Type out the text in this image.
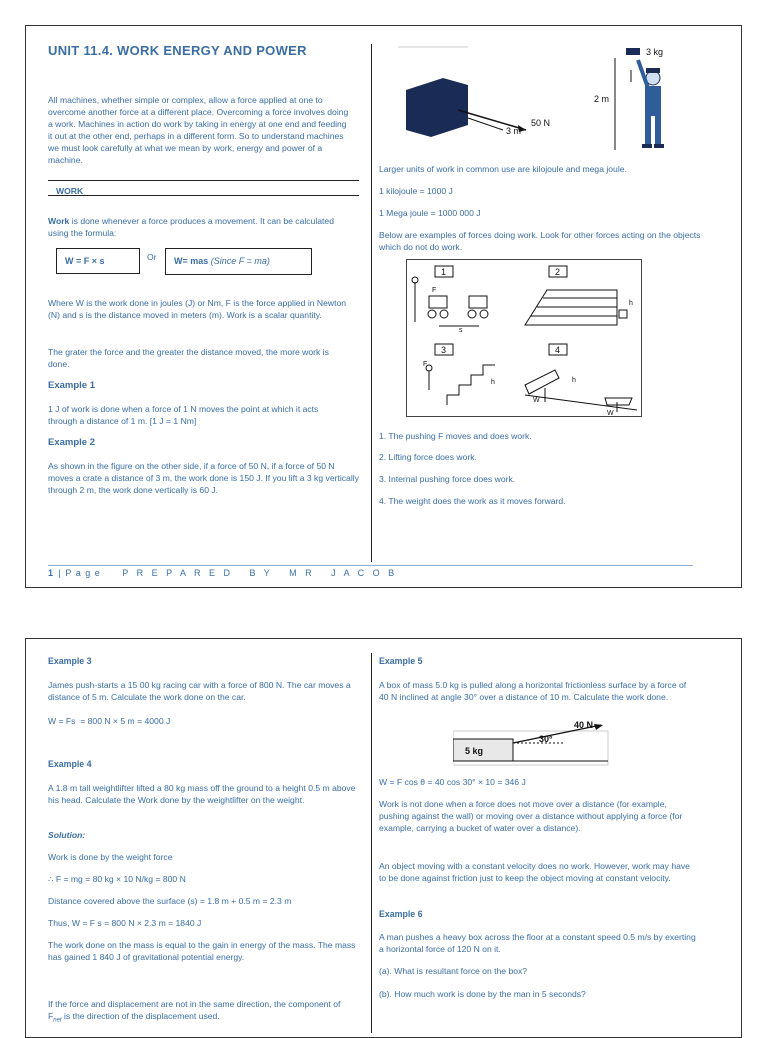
UNIT 11.4. WORK ENERGY AND POWER

All machines, whether simple or complex, allow a force applied at one to overcome another force at a different place. Overcoming a force involves doing a work. Machines in action do work by taking in energy at one end and feeding it out at the other end, perhaps in a different form. So to understand machines we must look carefully at what we mean by work, energy and power of a machine.

WORK

Work is done whenever a force produces a movement. It can be calculated using the formula:

W = F × s	Or	W= mas (Since F = ma)

Where W is the work done in joules (J) or Nm, F is the force applied in Newton (N) and s is the distance moved in meters (m). Work is a scalar quantity.

The grater the force and the greater the distance moved, the more work is done.

Example 1

1 J of work is done when a force of 1 N moves the point at which it acts through a distance of 1 m. [1 J = 1 Nm]

Example 2

As shown in the figure on the other side, if a force of 50 N, if a force of 50 N moves a crate a distance of 3 m, the work done is 150 J. If you lift a 3 kg vertically through 2 m, the work done vertically is 60 J.

1 | P a g e P R E P A R E D   B Y   M R   J A C O B
3 m
50 N
3 kg
2 m

Larger units of work in common use are kilojoule and mega joule.

1 kilojoule = 1000 J

1 Mega joule = 1000 000 J

Below are examples of forces doing work. Look for other forces acting on the objects which do not do work.

1	2
3	4
F
s
h
F
h
W
W
h

1. The pushing F moves and does work.

2. Lifting force does work.

3. Internal pushing force does work.

4. The weight does the work as it moves forward.

Example 3

James push-starts a 15 00 kg racing car with a force of 800 N. The car moves a distance of 5 m. Calculate the work done on the car.

W = Fs  = 800 N × 5 m = 4000 J

Example 4

A 1.8 m tall weightlifter lifted a 80 kg mass off the ground to a height 0.5 m above his head. Calculate the Work done by the weightlifter on the weight.

Solution:

Work is done by the weight force

∴ F = mg = 80 kg × 10 N/kg = 800 N

Distance covered above the surface (s) = 1.8 m + 0.5 m = 2.3 m

Thus, W = F s = 800 N × 2.3 m = 1840 J

The work done on the mass is equal to the gain in energy of the mass. The mass has gained 1 840 J of gravitational potential energy.

If the force and displacement are not in the same direction, the component of $F_{net}$ is the direction of the displacement used.

Example 5

A box of mass 5.0 kg is pulled along a horizontal frictionless surface by a force of 40 N inclined at angle 30° over a distance of 10 m. Calculate the work done.

5 kg
30°
40 N

W = F cos θ = 40 cos 30° × 10 = 346 J

Work is not done when a force does not move over a distance (for example, pushing against the wall) or moving over a distance without applying a force (for example, carrying a bucket of water over a distance).

An object moving with a constant velocity does no work. However, work may have to be done against friction just to keep the object moving at constant velocity.

Example 6

A man pushes a heavy box across the floor at a constant speed 0.5 m/s by exerting a horizontal force of 120 N on it.

(a). What is resultant force on the box?

(b). How much work is done by the man in 5 seconds?
